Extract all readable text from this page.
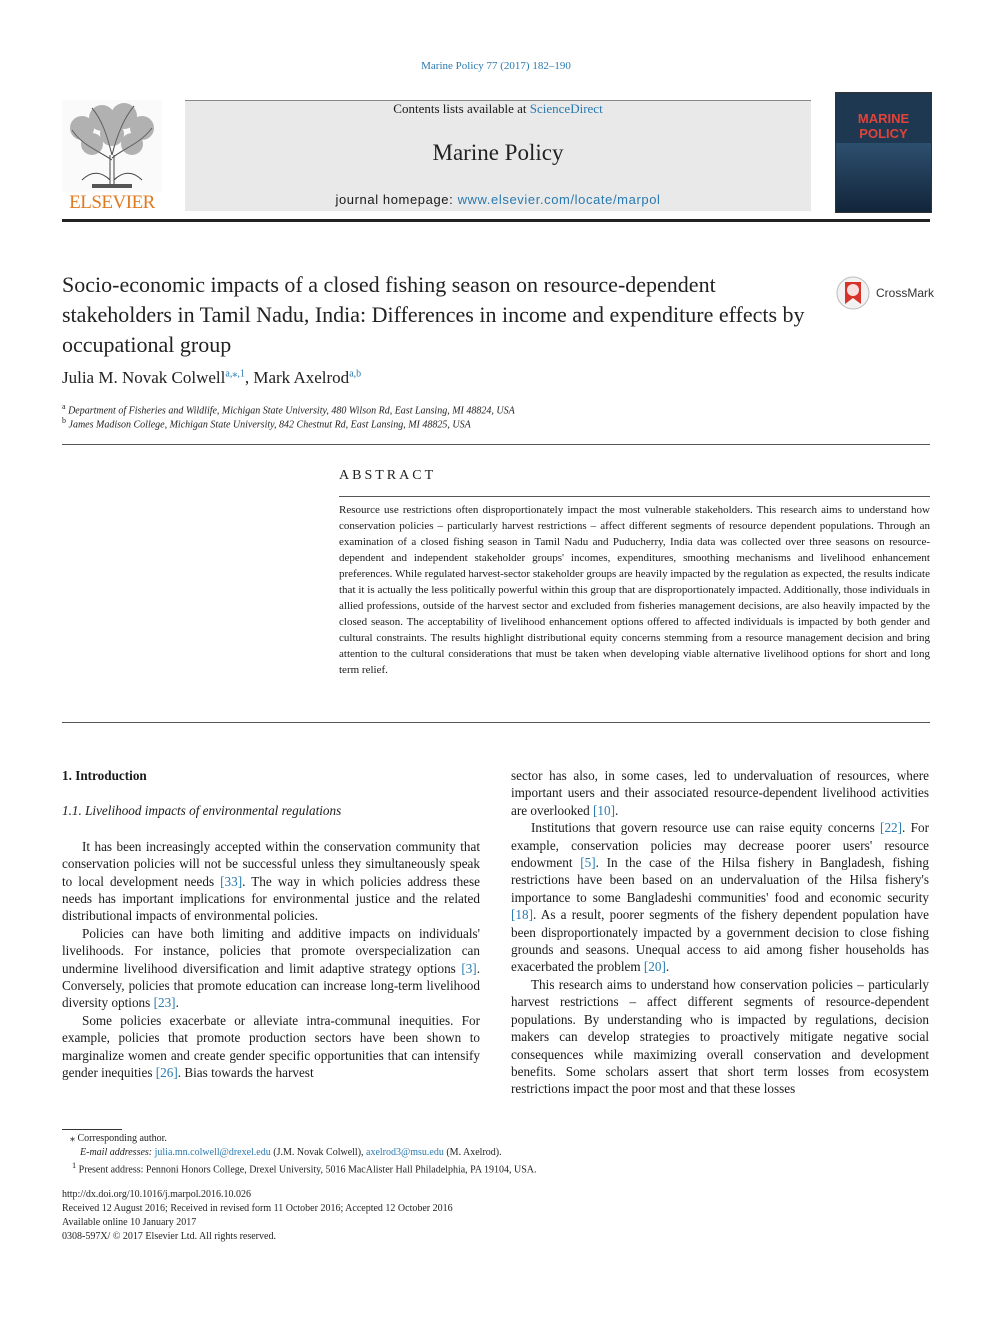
Marine Policy 77 (2017) 182–190
Contents lists available at ScienceDirect
Marine Policy
journal homepage: www.elsevier.com/locate/marpol
ELSEVIER
MARINE
POLICY
Socio-economic impacts of a closed fishing season on resource-dependent stakeholders in Tamil Nadu, India: Differences in income and expenditure effects by occupational group
CrossMark
Julia M. Novak Colwell$^{a,⁎,1}$, Mark Axelrod$^{a,b}$
$^a$ Department of Fisheries and Wildlife, Michigan State University, 480 Wilson Rd, East Lansing, MI 48824, USA
$^b$ James Madison College, Michigan State University, 842 Chestnut Rd, East Lansing, MI 48825, USA
ABSTRACT
Resource use restrictions often disproportionately impact the most vulnerable stakeholders. This research aims to understand how conservation policies – particularly harvest restrictions – affect different segments of resource dependent populations. Through an examination of a closed fishing season in Tamil Nadu and Puducherry, India data was collected over three seasons on resource-dependent and independent stakeholder groups' incomes, expenditures, smoothing mechanisms and livelihood enhancement preferences. While regulated harvest-sector stakeholder groups are heavily impacted by the regulation as expected, the results indicate that it is actually the less politically powerful within this group that are disproportionately impacted. Additionally, those individuals in allied professions, outside of the harvest sector and excluded from fisheries management decisions, are also heavily impacted by the closed season. The acceptability of livelihood enhancement options offered to affected individuals is impacted by both gender and cultural constraints. The results highlight distributional equity concerns stemming from a resource management decision and bring attention to the cultural considerations that must be taken when developing viable alternative livelihood options for short and long term relief.
1. Introduction
1.1. Livelihood impacts of environmental regulations

It has been increasingly accepted within the conservation community that conservation policies will not be successful unless they simultaneously speak to local development needs [33]. The way in which policies address these needs has important implications for environmental justice and the related distributional impacts of environmental policies.

Policies can have both limiting and additive impacts on individuals' livelihoods. For instance, policies that promote overspecialization can undermine livelihood diversification and limit adaptive strategy options [3]. Conversely, policies that promote education can increase long-term livelihood diversity options [23].

Some policies exacerbate or alleviate intra-communal inequities. For example, policies that promote production sectors have been shown to marginalize women and create gender specific opportunities that can intensify gender inequities [26]. Bias towards the harvest

sector has also, in some cases, led to undervaluation of resources, where important users and their associated resource-dependent livelihood activities are overlooked [10].

Institutions that govern resource use can raise equity concerns [22]. For example, conservation policies may decrease poorer users' resource endowment [5]. In the case of the Hilsa fishery in Bangladesh, fishing restrictions have been based on an undervaluation of the Hilsa fishery's importance to some Bangladeshi communities' food and economic security [18]. As a result, poorer segments of the fishery dependent population have been disproportionately impacted by a government decision to close fishing grounds and seasons. Unequal access to aid among fisher households has exacerbated the problem [20].

This research aims to understand how conservation policies – particularly harvest restrictions – affect different segments of resource-dependent populations. By understanding who is impacted by regulations, decision makers can develop strategies to proactively mitigate negative social consequences while maximizing overall conservation and development benefits. Some scholars assert that short term losses from ecosystem restrictions impact the poor most and that these losses

⁎ Corresponding author.
E-mail addresses: julia.mn.colwell@drexel.edu (J.M. Novak Colwell), axelrod3@msu.edu (M. Axelrod).
$^1$ Present address: Pennoni Honors College, Drexel University, 5016 MacAlister Hall Philadelphia, PA 19104, USA.
http://dx.doi.org/10.1016/j.marpol.2016.10.026
Received 12 August 2016; Received in revised form 11 October 2016; Accepted 12 October 2016
Available online 10 January 2017
0308-597X/ © 2017 Elsevier Ltd. All rights reserved.
